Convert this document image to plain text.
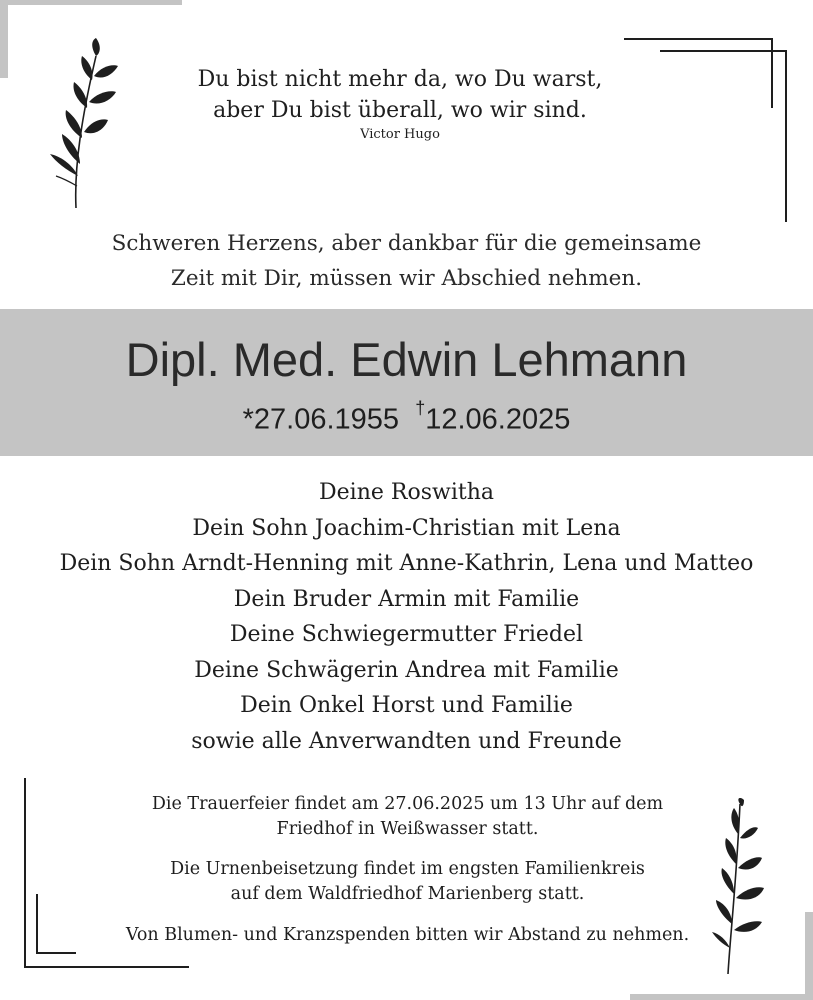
Du bist nicht mehr da, wo Du warst,
aber Du bist überall, wo wir sind.
Victor Hugo
Schweren Herzens, aber dankbar für die gemeinsame
Zeit mit Dir, müssen wir Abschied nehmen.
Dipl. Med. Edwin Lehmann
*27.06.1955 †12.06.2025
Deine Roswitha
Dein Sohn Joachim-Christian mit Lena
Dein Sohn Arndt-Henning mit Anne-Kathrin, Lena und Matteo
Dein Bruder Armin mit Familie
Deine Schwiegermutter Friedel
Deine Schwägerin Andrea mit Familie
Dein Onkel Horst und Familie
sowie alle Anverwandten und Freunde
Die Trauerfeier findet am 27.06.2025 um 13 Uhr auf dem
Friedhof in Weißwasser statt.
Die Urnenbeisetzung findet im engsten Familienkreis
auf dem Waldfriedhof Marienberg statt.
Von Blumen- und Kranzspenden bitten wir Abstand zu nehmen.
